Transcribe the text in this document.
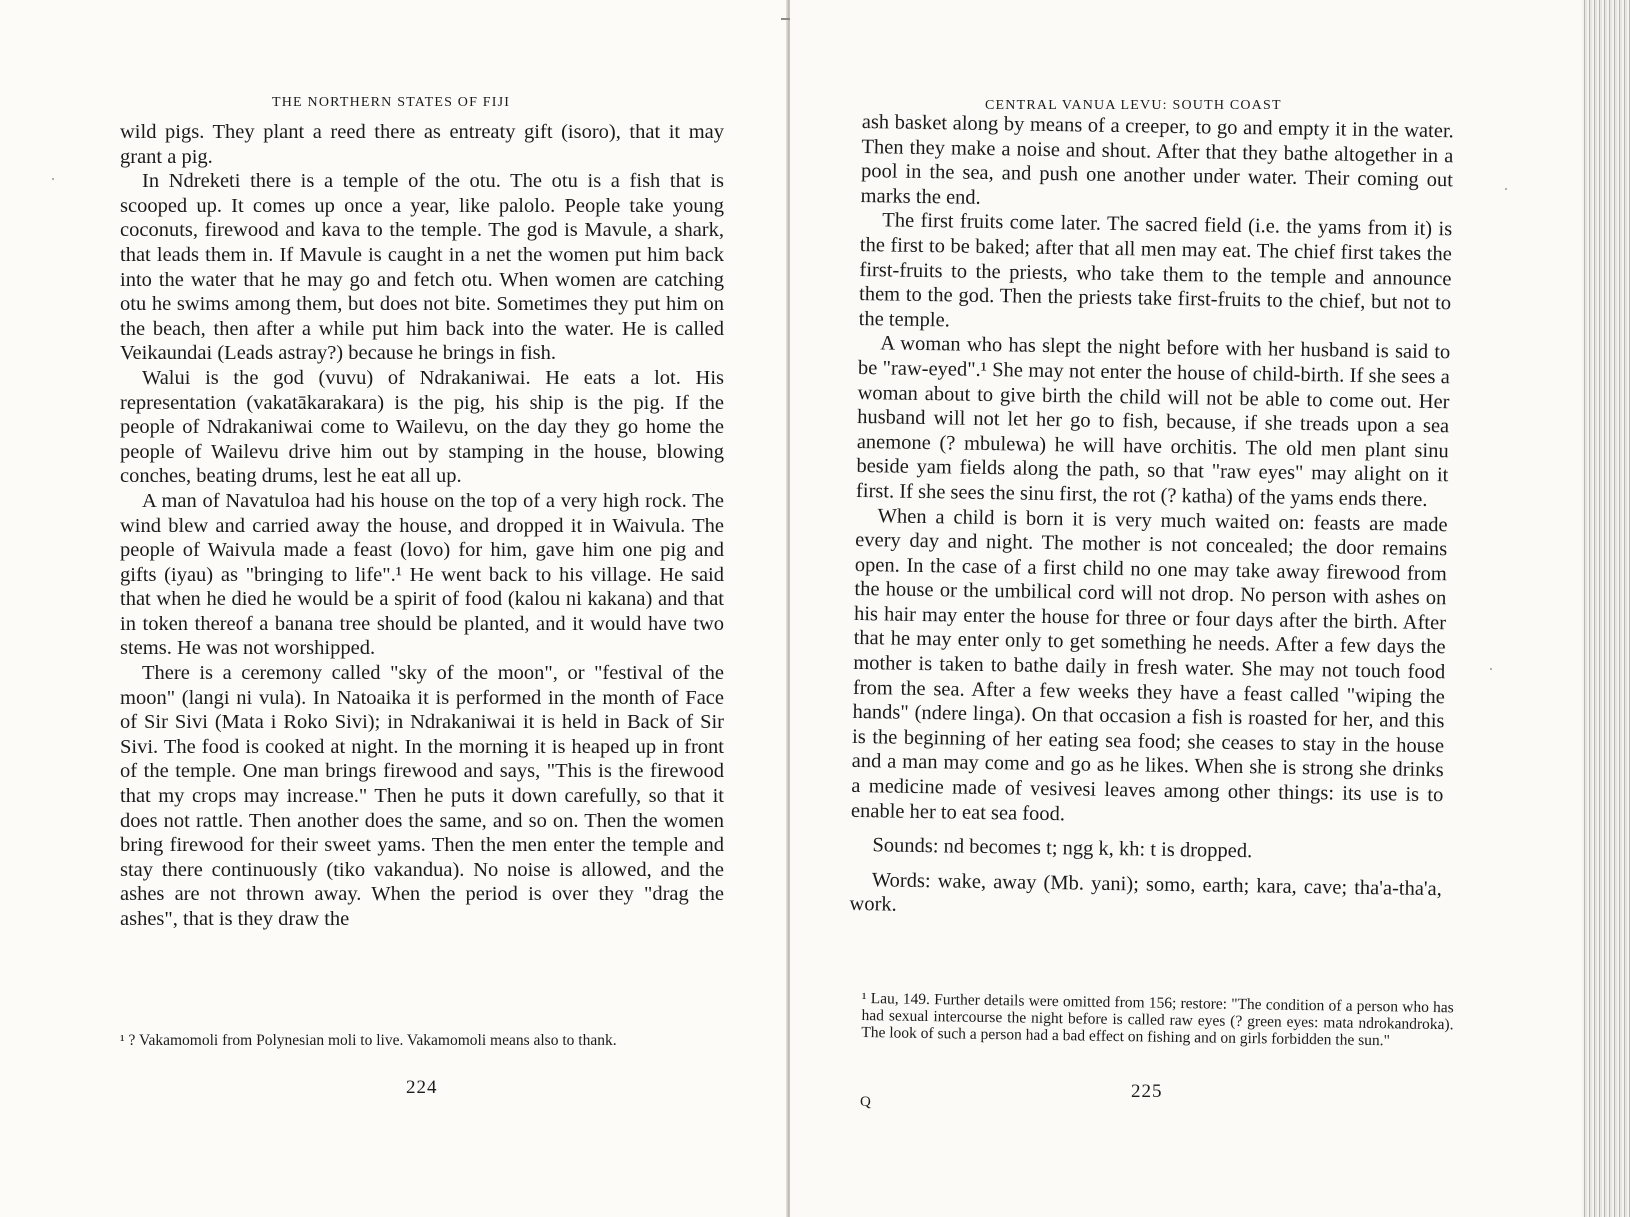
THE NORTHERN STATES OF FIJI

wild pigs. They plant a reed there as entreaty gift (isoro), that it may grant a pig.

In Ndreketi there is a temple of the otu. The otu is a fish that is scooped up. It comes up once a year, like palolo. People take young coconuts, firewood and kava to the temple. The god is Mavule, a shark, that leads them in. If Mavule is caught in a net the women put him back into the water that he may go and fetch otu. When women are catching otu he swims among them, but does not bite. Sometimes they put him on the beach, then after a while put him back into the water. He is called Veikaundai (Leads astray?) because he brings in fish.

Walui is the god (vuvu) of Ndrakaniwai. He eats a lot. His representation (vakatākarakara) is the pig, his ship is the pig. If the people of Ndrakaniwai come to Wailevu, on the day they go home the people of Wailevu drive him out by stamping in the house, blowing conches, beating drums, lest he eat all up.

A man of Navatuloa had his house on the top of a very high rock. The wind blew and carried away the house, and dropped it in Waivula. The people of Waivula made a feast (lovo) for him, gave him one pig and gifts (iyau) as "bringing to life".¹ He went back to his village. He said that when he died he would be a spirit of food (kalou ni kakana) and that in token thereof a banana tree should be planted, and it would have two stems. He was not worshipped.

There is a ceremony called "sky of the moon", or "festival of the moon" (langi ni vula). In Natoaika it is performed in the month of Face of Sir Sivi (Mata i Roko Sivi); in Ndrakaniwai it is held in Back of Sir Sivi. The food is cooked at night. In the morning it is heaped up in front of the temple. One man brings firewood and says, "This is the firewood that my crops may increase." Then he puts it down carefully, so that it does not rattle. Then another does the same, and so on. Then the women bring firewood for their sweet yams. Then the men enter the temple and stay there continuously (tiko vakandua). No noise is allowed, and the ashes are not thrown away. When the period is over they "drag the ashes", that is they draw the

¹ ? Vakamomoli from Polynesian moli to live. Vakamomoli means also to thank.
224
CENTRAL VANUA LEVU: SOUTH COAST

ash basket along by means of a creeper, to go and empty it in the water. Then they make a noise and shout. After that they bathe altogether in a pool in the sea, and push one another under water. Their coming out marks the end.

The first fruits come later. The sacred field (i.e. the yams from it) is the first to be baked; after that all men may eat. The chief first takes the first-fruits to the priests, who take them to the temple and announce them to the god. Then the priests take first-fruits to the chief, but not to the temple.

A woman who has slept the night before with her husband is said to be "raw-eyed".¹ She may not enter the house of child-birth. If she sees a woman about to give birth the child will not be able to come out. Her husband will not let her go to fish, because, if she treads upon a sea anemone (? mbulewa) he will have orchitis. The old men plant sinu beside yam fields along the path, so that "raw eyes" may alight on it first. If she sees the sinu first, the rot (? katha) of the yams ends there.

When a child is born it is very much waited on: feasts are made every day and night. The mother is not concealed; the door remains open. In the case of a first child no one may take away firewood from the house or the umbilical cord will not drop. No person with ashes on his hair may enter the house for three or four days after the birth. After that he may enter only to get something he needs. After a few days the mother is taken to bathe daily in fresh water. She may not touch food from the sea. After a few weeks they have a feast called "wiping the hands" (ndere linga). On that occasion a fish is roasted for her, and this is the beginning of her eating sea food; she ceases to stay in the house and a man may come and go as he likes. When she is strong she drinks a medicine made of vesivesi leaves among other things: its use is to enable her to eat sea food.

Sounds: nd becomes t; ngg k, kh: t is dropped.

Words: wake, away (Mb. yani); somo, earth; kara, cave; tha'a-tha'a, work.

¹ Lau, 149. Further details were omitted from 156; restore: "The condition of a person who has had sexual intercourse the night before is called raw eyes (? green eyes: mata ndrokandroka). The look of such a person had a bad effect on fishing and on girls forbidden the sun."
225
Q
